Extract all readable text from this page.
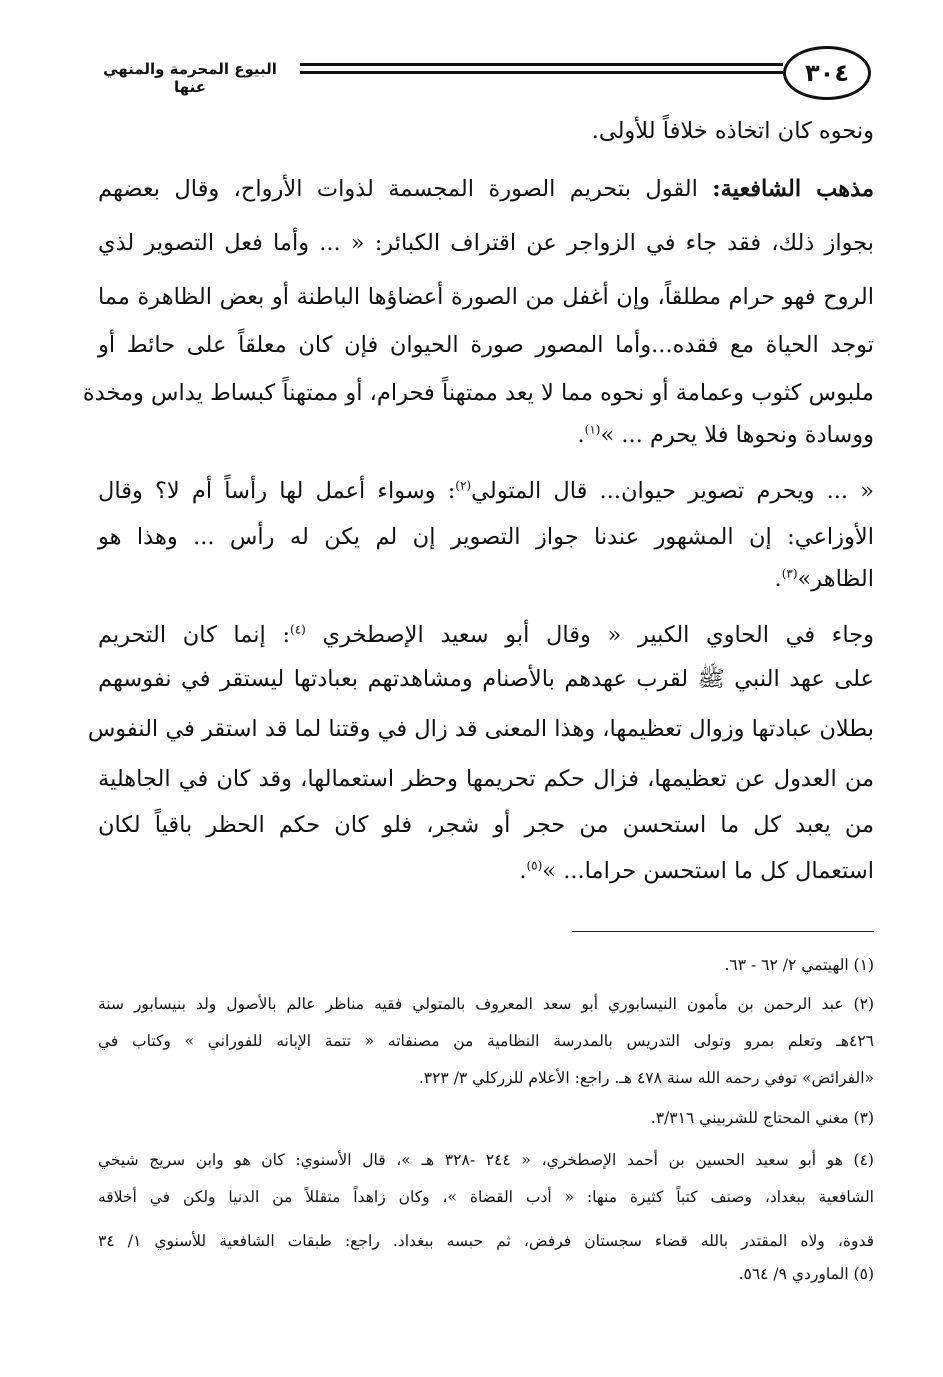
٣٠٤
البيوع المحرمة والمنهي عنها
ونحوه كان اتخاذه خلافاً للأولى.
مذهب الشافعية: القول بتحريم الصورة المجسمة لذوات الأرواح، وقال بعضهم
بجواز ذلك، فقد جاء في الزواجر عن اقتراف الكبائر: « ... وأما فعل التصوير لذي
الروح فهو حرام مطلقاً، وإن أغفل من الصورة أعضاؤها الباطنة أو بعض الظاهرة مما
توجد الحياة مع فقده...وأما المصور صورة الحيوان فإن كان معلقاً على حائط أو
ملبوس كثوب وعمامة أو نحوه مما لا يعد ممتهناً فحرام، أو ممتهناً كبساط يداس ومخدة
ووسادة ونحوها فلا يحرم ... »$^{(١)}$.
« ... ويحرم تصوير حيوان... قال المتولي$^{(٢)}$: وسواء أعمل لها رأساً أم لا؟ وقال
الأوزاعي: إن المشهور عندنا جواز التصوير إن لم يكن له رأس ... وهذا هو
الظاهر»$^{(٣)}$.
وجاء في الحاوي الكبير « وقال أبو سعيد الإصطخري $^{(٤)}$: إنما كان التحريم
على عهد النبي ﷺ لقرب عهدهم بالأصنام ومشاهدتهم بعبادتها ليستقر في نفوسهم
بطلان عبادتها وزوال تعظيمها، وهذا المعنى قد زال في وقتنا لما قد استقر في النفوس
من العدول عن تعظيمها، فزال حكم تحريمها وحظر استعمالها، وقد كان في الجاهلية
من يعبد كل ما استحسن من حجر أو شجر، فلو كان حكم الحظر باقياً لكان
استعمال كل ما استحسن حراما... »$^{(٥)}$.
(١) الهيتمي ٢/ ٦٢ - ٦٣.
(٢) عبد الرحمن بن مأمون النيسابوري أبو سعد المعروف بالمتولي فقيه مناظر عالم بالأصول ولد بنيسابور سنة
٤٢٦هـ وتعلم بمرو وتولى التدريس بالمدرسة النظامية من مصنفاته « تتمة الإبانه للفوراني » وكتاب في
«الفرائض» توفي رحمه الله سنة ٤٧٨ هـ. راجع: الأعلام للزركلي ٣/ ٣٢٣.
(٣) مغني المحتاج للشربيني ٣/٣١٦.
(٤) هو أبو سعيد الحسين بن أحمد الإصطخري، « ٢٤٤ -٣٢٨ هـ »، قال الأسنوي: كان هو وابن سريج شيخي
الشافعية ببغداد، وصنف كتباً كثيرة منها: « أدب القضاة »، وكان زاهداً متقللاً من الدنيا ولكن في أخلاقه
قدوة، ولاه المقتدر بالله قضاء سجستان فرفض، ثم حبسه ببغداد. راجع: طبقات الشافعية للأسنوي ١/ ٣٤
(٥) الماوردي ٩/ ٥٦٤.
